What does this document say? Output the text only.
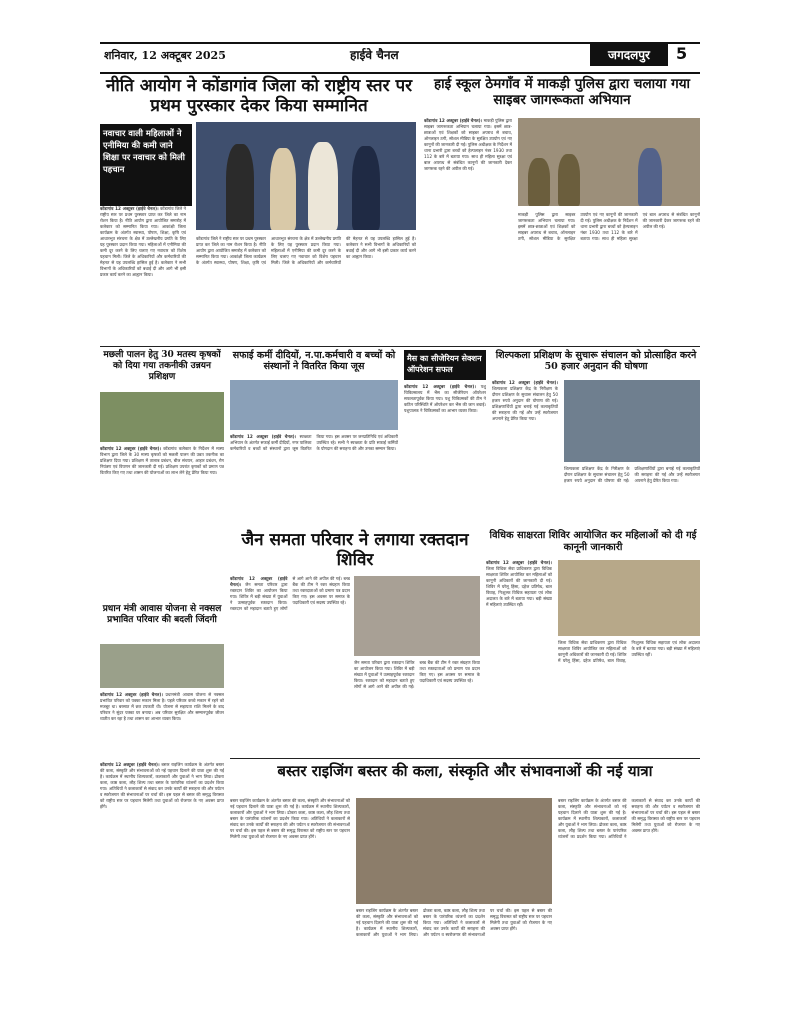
शनिवार, 12 अक्टूबर 2025	हाईवे चैनल	जगदलपुर	5
नीति आयोग ने कोंडागांव जिला को राष्ट्रीय स्तर पर प्रथम पुरस्कार देकर किया सम्मानित
नवाचार वाली महिलाओं ने एनीमिया की कमी जाने शिक्षा पर नवाचार को मिली पहचान

कोंडागांव 12 अक्टूबर (हाईवे चैनल)। कोंडागांव जिले ने राष्ट्रीय स्तर पर प्रथम पुरस्कार प्राप्त कर जिले का नाम रोशन किया है। नीति आयोग द्वारा आयोजित समारोह में कलेक्टर को सम्मानित किया गया। आकांक्षी जिला कार्यक्रम के अंतर्गत स्वास्थ्य, पोषण, शिक्षा, कृषि एवं आधारभूत संरचना के क्षेत्र में उल्लेखनीय प्रगति के लिए यह पुरस्कार प्रदान किया गया। महिलाओं में एनीमिया की कमी दूर करने के लिए चलाए गए नवाचार को विशेष पहचान मिली। जिले के अधिकारियों और कर्मचारियों की मेहनत से यह उपलब्धि हासिल हुई है। कलेक्टर ने सभी विभागों के अधिकारियों को बधाई दी और आगे भी इसी प्रकार कार्य करने का आह्वान किया।

कोंडागांव जिले ने राष्ट्रीय स्तर पर प्रथम पुरस्कार प्राप्त कर जिले का नाम रोशन किया है। नीति आयोग द्वारा आयोजित समारोह में कलेक्टर को सम्मानित किया गया। आकांक्षी जिला कार्यक्रम के अंतर्गत स्वास्थ्य, पोषण, शिक्षा, कृषि एवं आधारभूत संरचना के क्षेत्र में उल्लेखनीय प्रगति के लिए यह पुरस्कार प्रदान किया गया। महिलाओं में एनीमिया की कमी दूर करने के लिए चलाए गए नवाचार को विशेष पहचान मिली। जिले के अधिकारियों और कर्मचारियों की मेहनत से यह उपलब्धि हासिल हुई है। कलेक्टर ने सभी विभागों के अधिकारियों को बधाई दी और आगे भी इसी प्रकार कार्य करने का आह्वान किया।

हाई स्कूल ठेमगाँव में माकड़ी पुलिस द्वारा चलाया गया साइबर जागरूकता अभियान

कोंडागांव 12 अक्टूबर (हाईवे चैनल)। माकड़ी पुलिस द्वारा साइबर जागरूकता अभियान चलाया गया। इसमें छात्र-छात्राओं एवं शिक्षकों को साइबर अपराध से बचाव, ऑनलाइन ठगी, सोशल मीडिया के सुरक्षित उपयोग एवं नए कानूनों की जानकारी दी गई। पुलिस अधीक्षक के निर्देशन में थाना प्रभारी द्वारा बच्चों को हेल्पलाइन नंबर 1930 तथा 112 के बारे में बताया गया। साथ ही महिला सुरक्षा एवं बाल अपराध से संबंधित कानूनों की जानकारी देकर जागरूक रहने की अपील की गई।

माकड़ी पुलिस द्वारा साइबर जागरूकता अभियान चलाया गया। इसमें छात्र-छात्राओं एवं शिक्षकों को साइबर अपराध से बचाव, ऑनलाइन ठगी, सोशल मीडिया के सुरक्षित उपयोग एवं नए कानूनों की जानकारी दी गई। पुलिस अधीक्षक के निर्देशन में थाना प्रभारी द्वारा बच्चों को हेल्पलाइन नंबर 1930 तथा 112 के बारे में बताया गया। साथ ही महिला सुरक्षा एवं बाल अपराध से संबंधित कानूनों की जानकारी देकर जागरूक रहने की अपील की गई।

मछली पालन हेतु 30 मतस्य कृषकों को दिया गया तकनीकी उन्नयन प्रशिक्षण

कोंडागांव 12 अक्टूबर (हाईवे चैनल)। कोंडागांव कलेक्टर के निर्देशन में मत्स्य विभाग द्वारा जिले के 30 मत्स्य कृषकों को मछली पालन की उन्नत तकनीक का प्रशिक्षण दिया गया। प्रशिक्षण में तालाब प्रबंधन, बीज संचयन, आहार प्रबंधन, रोग नियंत्रण एवं विपणन की जानकारी दी गई। प्रशिक्षण उपरांत कृषकों को प्रमाण पत्र वितरित किए गए तथा शासन की योजनाओं का लाभ लेने हेतु प्रेरित किया गया।

सफाई कर्मी दीदियों, न.पा.कर्मचारी व बच्चों को संस्थानों ने वितरित किया जूस

कोंडागांव 12 अक्टूबर (हाईवे चैनल)। स्वच्छता अभियान के अंतर्गत सफाई कर्मी दीदियों, नगर पालिका कर्मचारियों व बच्चों को संस्थानों द्वारा जूस वितरित किया गया। इस अवसर पर जनप्रतिनिधि एवं अधिकारी उपस्थित रहे। सभी ने स्वच्छता के प्रति सफाई कर्मियों के योगदान की सराहना की और उनका सम्मान किया।

मैस का सीजेरियन सेक्शन ऑपरेशन सफल

कोंडागांव 12 अक्टूबर (हाईवे चैनल)। पशु चिकित्सालय में भैंस का सीजेरियन ऑपरेशन सफलतापूर्वक किया गया। पशु चिकित्सकों की टीम ने कठिन परिस्थिति में ऑपरेशन कर भैंस की जान बचाई। पशुपालक ने चिकित्सकों का आभार व्यक्त किया।

शिल्पकला प्रशिक्षण के सुचारू संचालन को प्रोत्साहित करने 50 हजार अनुदान की घोषणा

कोंडागांव 12 अक्टूबर (हाईवे चैनल)। शिल्पकला प्रशिक्षण केंद्र के निरीक्षण के दौरान प्रशिक्षण के सुचारू संचालन हेतु 50 हजार रुपये अनुदान की घोषणा की गई। प्रशिक्षणार्थियों द्वारा बनाई गई कलाकृतियों की सराहना की गई और उन्हें स्वरोजगार अपनाने हेतु प्रेरित किया गया।

शिल्पकला प्रशिक्षण केंद्र के निरीक्षण के दौरान प्रशिक्षण के सुचारू संचालन हेतु 50 हजार रुपये अनुदान की घोषणा की गई। प्रशिक्षणार्थियों द्वारा बनाई गई कलाकृतियों की सराहना की गई और उन्हें स्वरोजगार अपनाने हेतु प्रेरित किया गया।

जैन समता परिवार ने लगाया रक्तदान शिविर

कोंडागांव 12 अक्टूबर (हाईवे चैनल)। जैन समता परिवार द्वारा रक्तदान शिविर का आयोजन किया गया। शिविर में बड़ी संख्या में युवाओं ने उत्साहपूर्वक रक्तदान किया। रक्तदान को महादान बताते हुए लोगों से आगे आने की अपील की गई। ब्लड बैंक की टीम ने रक्त संग्रहण किया तथा रक्तदाताओं को प्रमाण पत्र प्रदान किए गए। इस अवसर पर समाज के पदाधिकारी एवं सदस्य उपस्थित रहे।

जैन समता परिवार द्वारा रक्तदान शिविर का आयोजन किया गया। शिविर में बड़ी संख्या में युवाओं ने उत्साहपूर्वक रक्तदान किया। रक्तदान को महादान बताते हुए लोगों से आगे आने की अपील की गई। ब्लड बैंक की टीम ने रक्त संग्रहण किया तथा रक्तदाताओं को प्रमाण पत्र प्रदान किए गए। इस अवसर पर समाज के पदाधिकारी एवं सदस्य उपस्थित रहे।

प्रधान मंत्री आवास योजना से नक्सल प्रभावित परिवार की बदली जिंदगी

कोंडागांव 12 अक्टूबर (हाईवे चैनल)। प्रधानमंत्री आवास योजना से नक्सल प्रभावित परिवार को पक्का मकान मिला है। पहले परिवार कच्चे मकान में रहने को मजबूर था। बरसात में छत टपकती थी। योजना से सहायता राशि मिलने के बाद परिवार ने सुंदर पक्का घर बनाया। अब परिवार सुरक्षित और सम्मानपूर्वक जीवन व्यतीत कर रहा है तथा शासन का आभार व्यक्त किया।

विधिक साक्षरता शिविर आयोजित कर महिलाओं को दी गई कानूनी जानकारी

कोंडागांव 12 अक्टूबर (हाईवे चैनल)। जिला विधिक सेवा प्राधिकरण द्वारा विधिक साक्षरता शिविर आयोजित कर महिलाओं को कानूनी अधिकारों की जानकारी दी गई। शिविर में घरेलू हिंसा, दहेज प्रतिषेध, बाल विवाह, निःशुल्क विधिक सहायता एवं लोक अदालत के बारे में बताया गया। बड़ी संख्या में महिलाएं उपस्थित रहीं।

जिला विधिक सेवा प्राधिकरण द्वारा विधिक साक्षरता शिविर आयोजित कर महिलाओं को कानूनी अधिकारों की जानकारी दी गई। शिविर में घरेलू हिंसा, दहेज प्रतिषेध, बाल विवाह, निःशुल्क विधिक सहायता एवं लोक अदालत के बारे में बताया गया। बड़ी संख्या में महिलाएं उपस्थित रहीं।

बस्तर राइजिंग बस्तर की कला, संस्कृति और संभावनाओं की नई यात्रा

कोंडागांव 12 अक्टूबर (हाईवे चैनल)। बस्तर राइजिंग कार्यक्रम के अंतर्गत बस्तर की कला, संस्कृति और संभावनाओं को नई पहचान दिलाने की यात्रा शुरू की गई है। कार्यक्रम में स्थानीय शिल्पकारों, कलाकारों और युवाओं ने भाग लिया। ढोकरा कला, काष्ठ कला, लौह शिल्प तथा बस्तर के पारंपरिक व्यंजनों का प्रदर्शन किया गया। अतिथियों ने कलाकारों से संवाद कर उनके कार्यों की सराहना की और पर्यटन व स्वरोजगार की संभावनाओं पर चर्चा की। इस पहल से बस्तर की समृद्ध विरासत को राष्ट्रीय स्तर पर पहचान मिलेगी तथा युवाओं को रोजगार के नए अवसर प्राप्त होंगे।

बस्तर राइजिंग कार्यक्रम के अंतर्गत बस्तर की कला, संस्कृति और संभावनाओं को नई पहचान दिलाने की यात्रा शुरू की गई है। कार्यक्रम में स्थानीय शिल्पकारों, कलाकारों और युवाओं ने भाग लिया। ढोकरा कला, काष्ठ कला, लौह शिल्प तथा बस्तर के पारंपरिक व्यंजनों का प्रदर्शन किया गया। अतिथियों ने कलाकारों से संवाद कर उनके कार्यों की सराहना की और पर्यटन व स्वरोजगार की संभावनाओं पर चर्चा की। इस पहल से बस्तर की समृद्ध विरासत को राष्ट्रीय स्तर पर पहचान मिलेगी तथा युवाओं को रोजगार के नए अवसर प्राप्त होंगे।

बस्तर राइजिंग कार्यक्रम के अंतर्गत बस्तर की कला, संस्कृति और संभावनाओं को नई पहचान दिलाने की यात्रा शुरू की गई है। कार्यक्रम में स्थानीय शिल्पकारों, कलाकारों और युवाओं ने भाग लिया। ढोकरा कला, काष्ठ कला, लौह शिल्प तथा बस्तर के पारंपरिक व्यंजनों का प्रदर्शन किया गया। अतिथियों ने कलाकारों से संवाद कर उनके कार्यों की सराहना की और पर्यटन व स्वरोजगार की संभावनाओं पर चर्चा की। इस पहल से बस्तर की समृद्ध विरासत को राष्ट्रीय स्तर पर पहचान मिलेगी तथा युवाओं को रोजगार के नए अवसर प्राप्त होंगे।

बस्तर राइजिंग कार्यक्रम के अंतर्गत बस्तर की कला, संस्कृति और संभावनाओं को नई पहचान दिलाने की यात्रा शुरू की गई है। कार्यक्रम में स्थानीय शिल्पकारों, कलाकारों और युवाओं ने भाग लिया। ढोकरा कला, काष्ठ कला, लौह शिल्प तथा बस्तर के पारंपरिक व्यंजनों का प्रदर्शन किया गया। अतिथियों ने कलाकारों से संवाद कर उनके कार्यों की सराहना की और पर्यटन व स्वरोजगार की संभावनाओं पर चर्चा की। इस पहल से बस्तर की समृद्ध विरासत को राष्ट्रीय स्तर पर पहचान मिलेगी तथा युवाओं को रोजगार के नए अवसर प्राप्त होंगे।
